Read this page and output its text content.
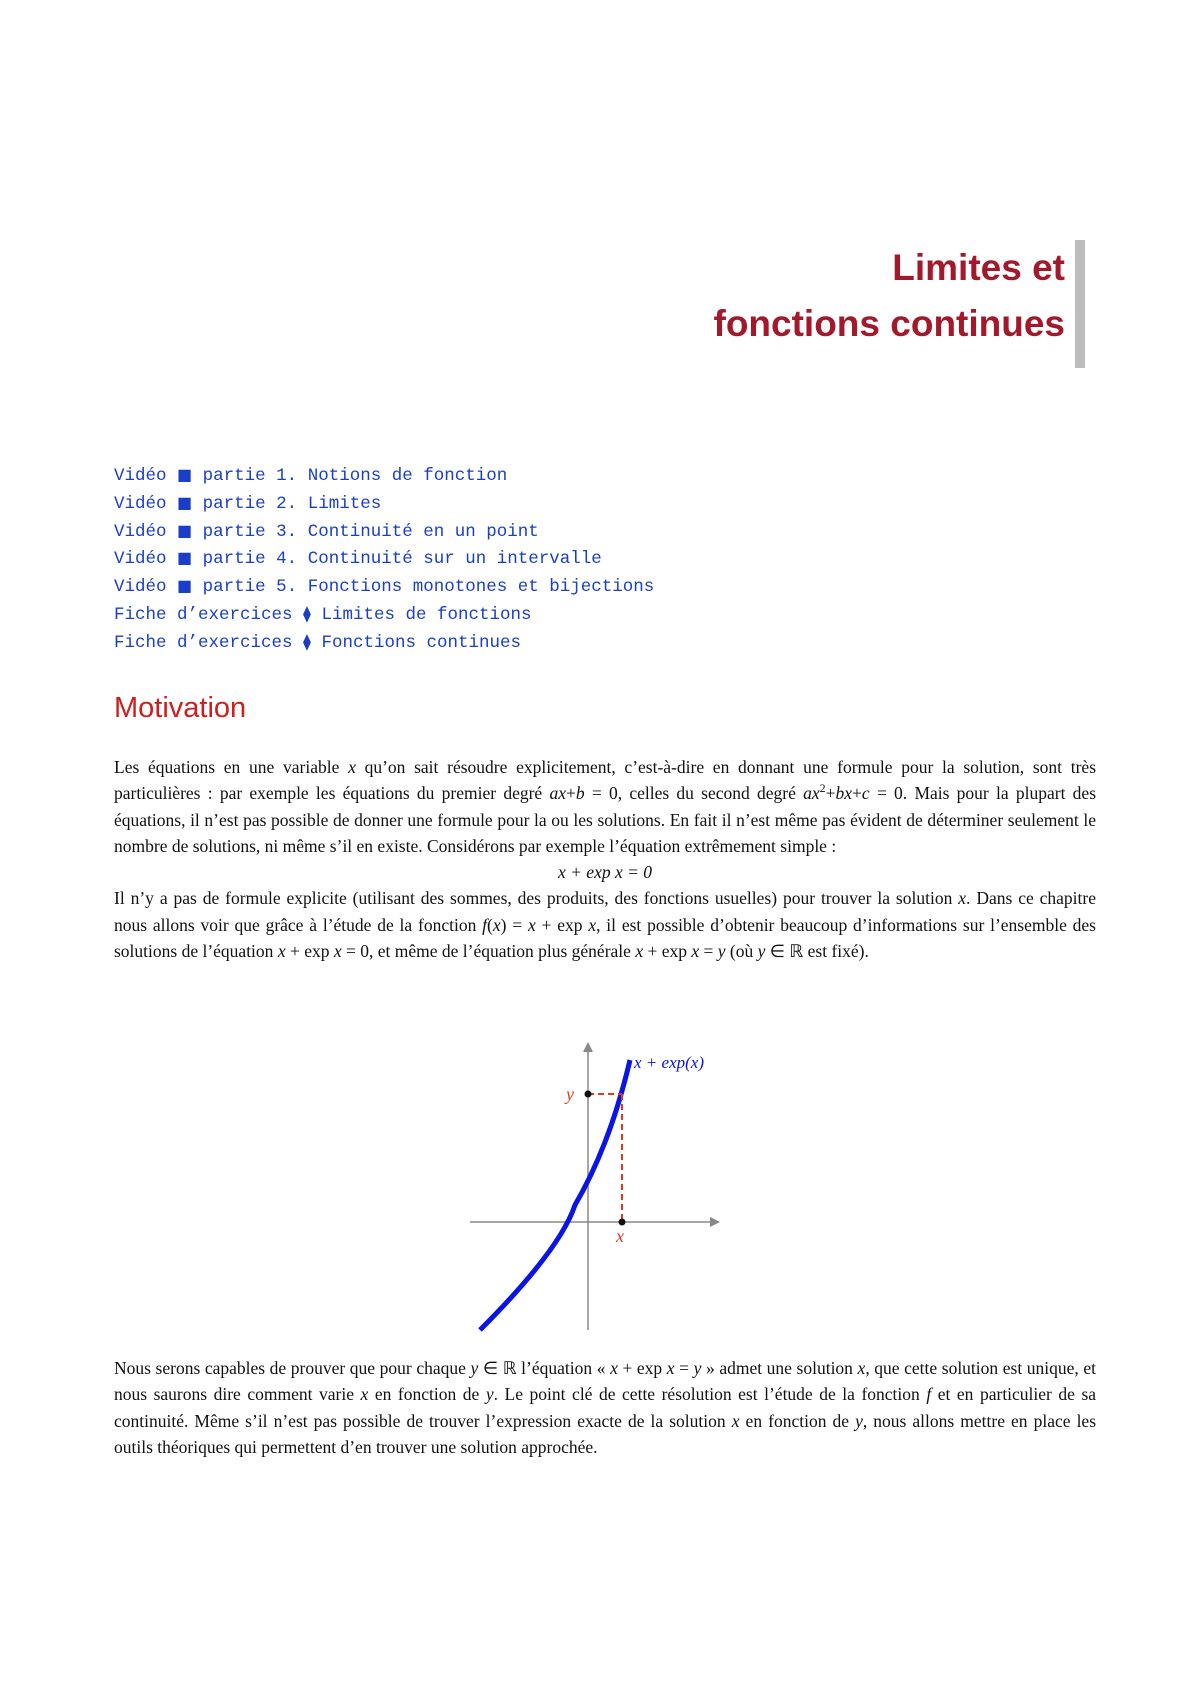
Limites et
fonctions continues
Vidéo ■ partie 1. Notions de fonction
Vidéo ■ partie 2. Limites
Vidéo ■ partie 3. Continuité en un point
Vidéo ■ partie 4. Continuité sur un intervalle
Vidéo ■ partie 5. Fonctions monotones et bijections
Fiche d’exercices ⧫ Limites de fonctions
Fiche d’exercices ⧫ Fonctions continues
Motivation

Les équations en une variable x qu’on sait résoudre explicitement, c’est-à-dire en donnant une formule pour la solution, sont très particulières : par exemple les équations du premier degré ax+b = 0, celles du second degré $ax^2+bx+c = 0$. Mais pour la plupart des équations, il n’est pas possible de donner une formule pour la ou les solutions. En fait il n’est même pas évident de déterminer seulement le nombre de solutions, ni même s’il en existe. Considérons par exemple l’équation extrêmement simple :

x + exp x = 0

Il n’y a pas de formule explicite (utilisant des sommes, des produits, des fonctions usuelles) pour trouver la solution x. Dans ce chapitre nous allons voir que grâce à l’étude de la fonction f(x) = x + exp x, il est possible d’obtenir beaucoup d’informations sur l’ensemble des solutions de l’équation x + exp x = 0, et même de l’équation plus générale x + exp x = y (où y ∈ ℝ est fixé).

x + exp(x)
y
x

Nous serons capables de prouver que pour chaque y ∈ ℝ l’équation « x + exp x = y » admet une solution x, que cette solution est unique, et nous saurons dire comment varie x en fonction de y. Le point clé de cette résolution est l’étude de la fonction f et en particulier de sa continuité. Même s’il n’est pas possible de trouver l’expression exacte de la solution x en fonction de y, nous allons mettre en place les outils théoriques qui permettent d’en trouver une solution approchée.
